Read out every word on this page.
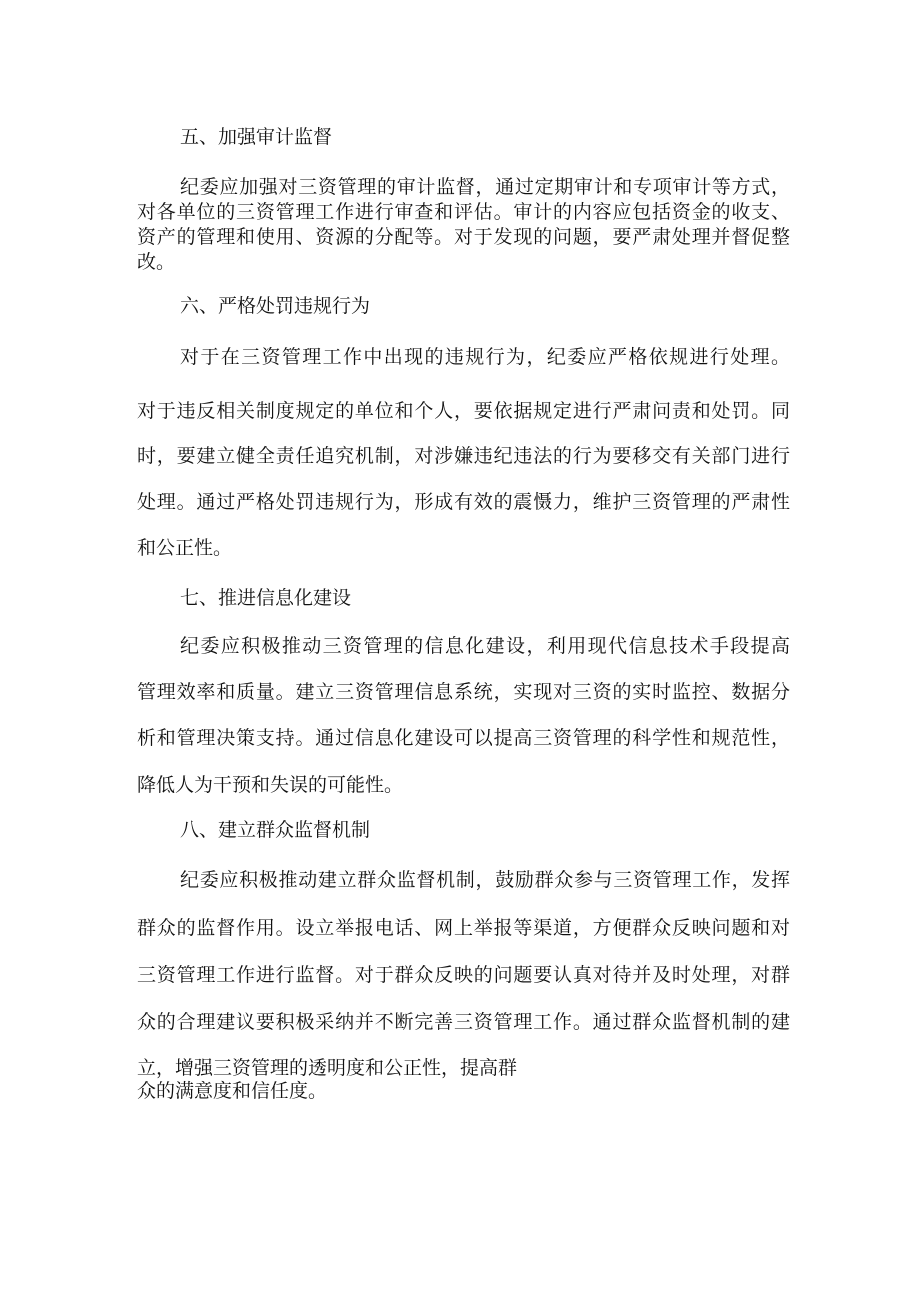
五、加强审计监督
纪委应加强对三资管理的审计监督，通过定期审计和专项审计等方式，
对各单位的三资管理工作进行审查和评估。审计的内容应包括资金的收支、
资产的管理和使用、资源的分配等。对于发现的问题，要严肃处理并督促整
改。
六、严格处罚违规行为
对于在三资管理工作中出现的违规行为，纪委应严格依规进行处理。
对于违反相关制度规定的单位和个人，要依据规定进行严肃问责和处罚。同
时，要建立健全责任追究机制，对涉嫌违纪违法的行为要移交有关部门进行
处理。通过严格处罚违规行为，形成有效的震慑力，维护三资管理的严肃性
和公正性。
七、推进信息化建设
纪委应积极推动三资管理的信息化建设，利用现代信息技术手段提高
管理效率和质量。建立三资管理信息系统，实现对三资的实时监控、数据分
析和管理决策支持。通过信息化建设可以提高三资管理的科学性和规范性，
降低人为干预和失误的可能性。
八、建立群众监督机制
纪委应积极推动建立群众监督机制，鼓励群众参与三资管理工作，发挥
群众的监督作用。设立举报电话、网上举报等渠道，方便群众反映问题和对
三资管理工作进行监督。对于群众反映的问题要认真对待并及时处理，对群
众的合理建议要积极采纳并不断完善三资管理工作。通过群众监督机制的建
立，增强三资管理的透明度和公正性，提高群
众的满意度和信任度。
